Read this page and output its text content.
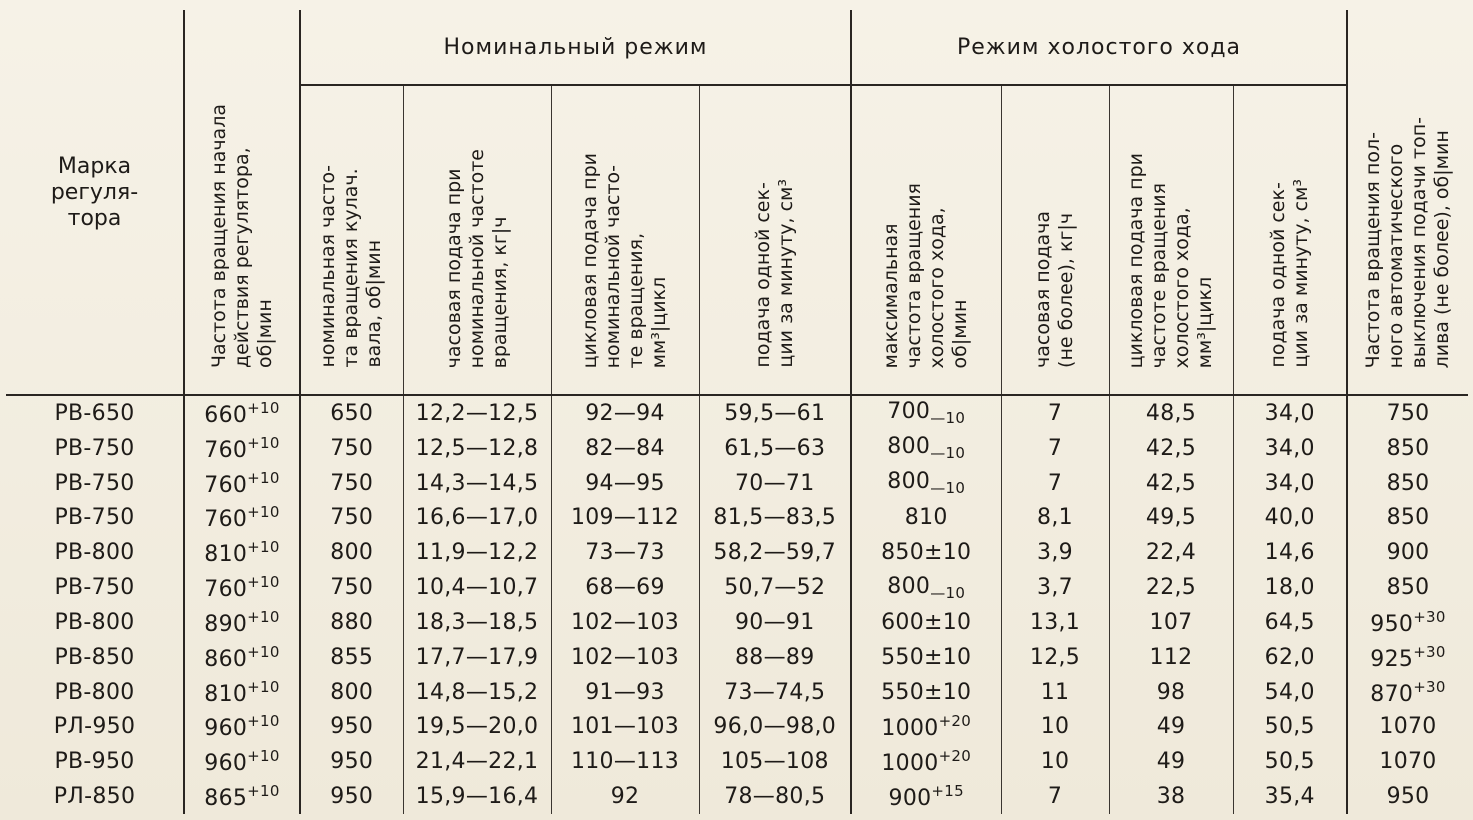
Марка
регуля-
тора	Частота вращения начала
действия регулятора,
об|мин	Номинальный режим				Режим холостого хода				Частота вращения пол-
ного автоматического
выключения подачи топ-
лива (не более), об|мин

		номинальная часто-
та вращения кулач.
вала, об|мин	часовая подача при
номинальной частоте
вращения, кг|ч	цикловая подача при
номинальной часто-
те вращения,
мм³|цикл	подача одной сек-
ции за минуту, см³	максимальная
частота вращения
холостого хода,
об|мин	часовая подача
(не более), кг|ч	цикловая подача при
частоте вращения
холостого хода,
мм³|цикл	подача одной сек-
ции за минуту, см³	

РВ-650	$660^{+10}$	650	12,2—12,5	92—94	59,5—61	$700_{—10}$	7	48,5	34,0	750
РВ-750	$760^{+10}$	750	12,5—12,8	82—84	61,5—63	$800_{—10}$	7	42,5	34,0	850
РВ-750	$760^{+10}$	750	14,3—14,5	94—95	70—71	$800_{—10}$	7	42,5	34,0	850
РВ-750	$760^{+10}$	750	16,6—17,0	109—112	81,5—83,5	810	8,1	49,5	40,0	850
РВ-800	$810^{+10}$	800	11,9—12,2	73—73	58,2—59,7	850±10	3,9	22,4	14,6	900
РВ-750	$760^{+10}$	750	10,4—10,7	68—69	50,7—52	$800_{—10}$	3,7	22,5	18,0	850
РВ-800	$890^{+10}$	880	18,3—18,5	102—103	90—91	600±10	13,1	107	64,5	$950^{+30}$
РВ-850	$860^{+10}$	855	17,7—17,9	102—103	88—89	550±10	12,5	112	62,0	$925^{+30}$
РВ-800	$810^{+10}$	800	14,8—15,2	91—93	73—74,5	550±10	11	98	54,0	$870^{+30}$
РЛ-950	$960^{+10}$	950	19,5—20,0	101—103	96,0—98,0	$1000^{+20}$	10	49	50,5	1070
РВ-950	$960^{+10}$	950	21,4—22,1	110—113	105—108	$1000^{+20}$	10	49	50,5	1070
РЛ-850	$865^{+10}$	950	15,9—16,4	92	78—80,5	$900^{+15}$	7	38	35,4	950
